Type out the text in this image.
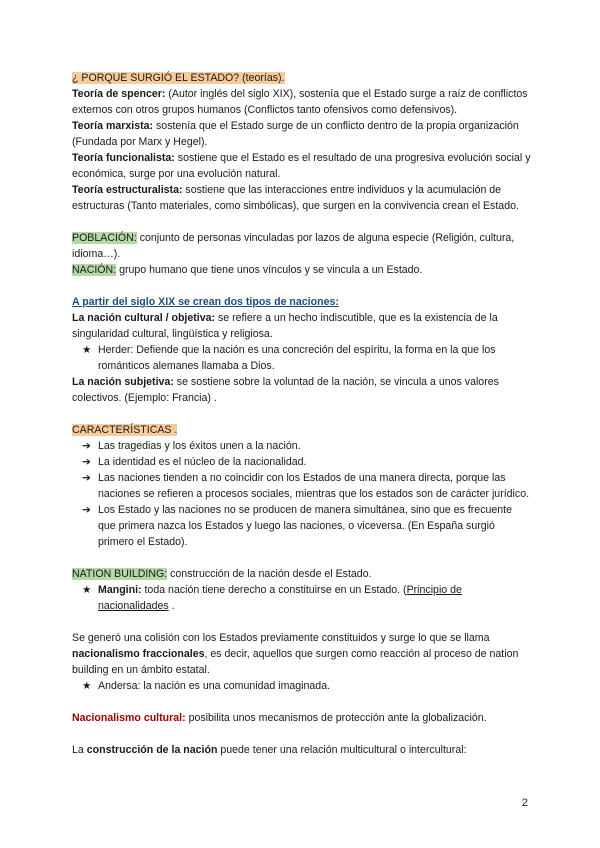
¿ PORQUE SURGIÓ EL ESTADO? (teorías).

Teoría de spencer: (Autor inglés del siglo XIX), sostenía que el Estado surge a raíz de conflictos externos con otros grupos humanos (Conflictos tanto ofensivos como defensivos).

Teoría marxista: sostenía que el Estado surge de un conflicto dentro de la propia organización (Fundada por Marx y Hegel).

Teoría funcionalista: sostiene que el Estado es el resultado de una progresiva evolución social y económica, surge por una evolución natural.

Teoría estructuralista: sostiene que las interacciones entre individuos y la acumulación de estructuras (Tanto materiales, como simbólicas), que surgen en la convivencia crean el Estado.

POBLACIÓN: conjunto de personas vinculadas por lazos de alguna especie (Religión, cultura, idioma…).

NACIÓN: grupo humano que tiene unos vínculos y se vincula a un Estado.

A partir del siglo XIX se crean dos tipos de naciones:

La nación cultural / objetiva: se refiere a un hecho indiscutible, que es la existencia de la singularidad cultural, lingüística y religiosa.

★ Herder: Defiende que la nación es una concreción del espíritu, la forma en la que los románticos alemanes llamaba a Dios.

La nación subjetiva: se sostiene sobre la voluntad de la nación, se vincula a unos valores colectivos. (Ejemplo: Francia) .

CARACTERÍSTICAS .

➔ Las tragedias y los éxitos unen a la nación.
➔ La identidad es el núcleo de la nacionalidad.
➔ Las naciones tienden a no coincidir con los Estados de una manera directa, porque las naciones se refieren a procesos sociales, mientras que los estados son de carácter jurídico.
➔ Los Estado y las naciones no se producen de manera simultánea, sino que es frecuente que primera nazca los Estados y luego las naciones, o viceversa. (En España surgió primero el Estado).

NATION BUILDING: construcción de la nación desde el Estado.

★ Mangini: toda nación tiene derecho a constituirse en un Estado. (Principio de nacionalidades .

Se generó una colisión con los Estados previamente constituidos y surge lo que se llama nacionalismo fraccionales, es decir, aquellos que surgen como reacción al proceso de nation building en un ámbito estatal.

★ Andersa: la nación es una comunidad imaginada.

Nacionalismo cultural: posibilita unos mecanismos de protección ante la globalización.

La construcción de la nación puede tener una relación multicultural o intercultural:

2
